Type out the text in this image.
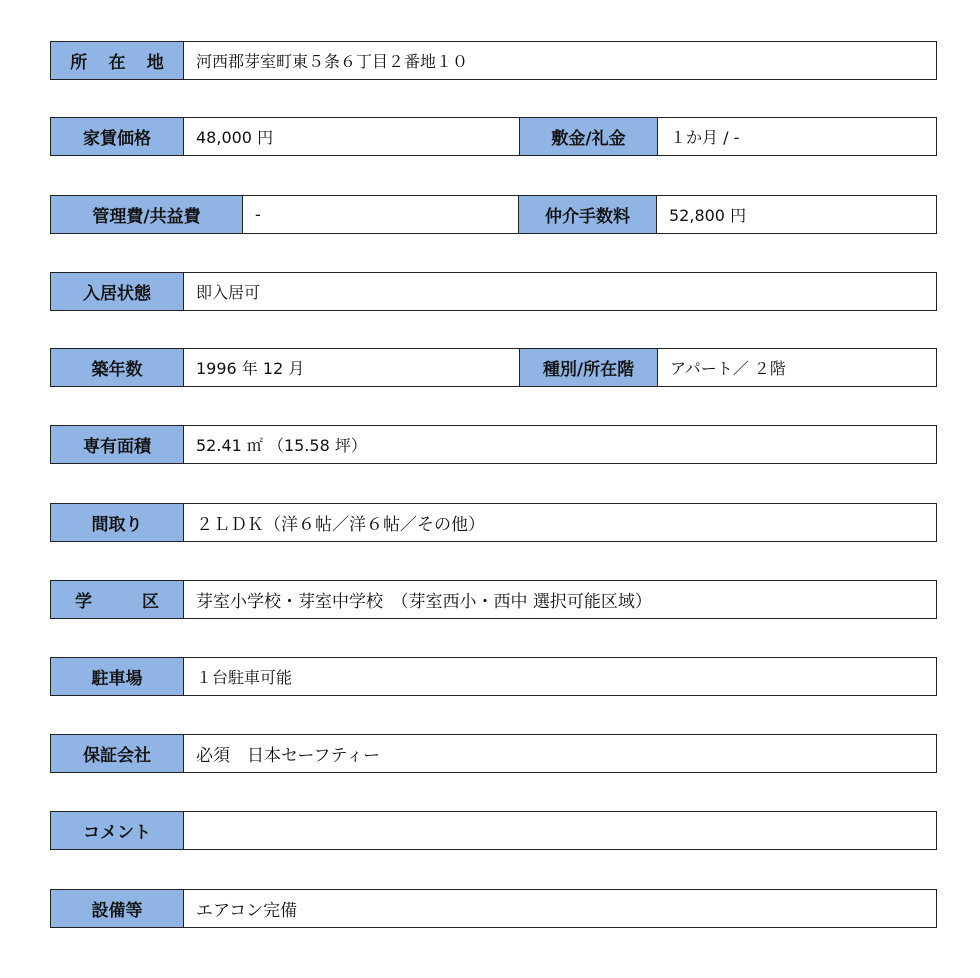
所 在 地	河西郡芽室町東５条６丁目２番地１０
家賃価格	48,000 円	敷金/礼金	１か月 / -
管理費/共益費	-	仲介手数料	52,800 円
入居状態	即入居可
築年数	1996 年 12 月	種別/所在階	アパート／ ２階
専有面積	52.41 ㎡ （15.58 坪）
間取り	２ＬＤＫ（洋６帖／洋６帖／その他）
学 区 芽室小学校・芽室中学校　（芽室西小・西中 選択可能区域）
駐車場	１台駐車可能
保証会社	必須　日本セーフティー
コメント
設備等	エアコン完備
